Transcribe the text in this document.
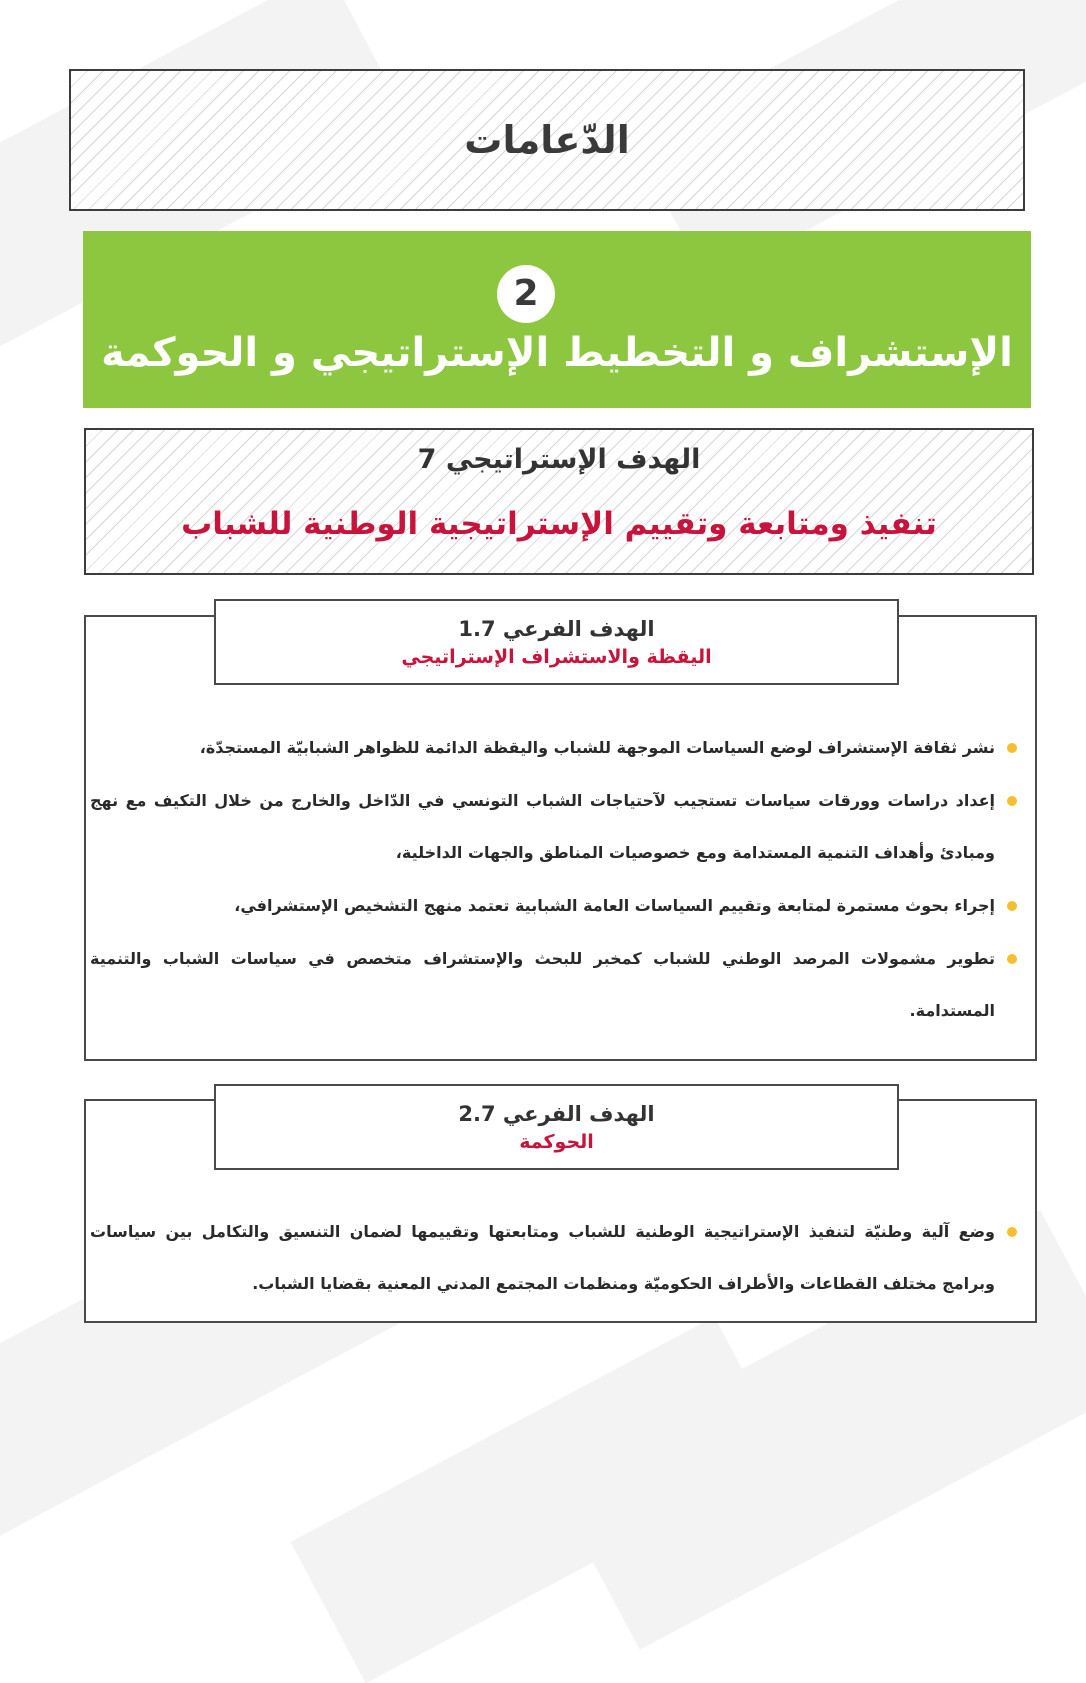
الدّعامات
2
الإستشراف و التخطيط الإستراتيجي و الحوكمة
الهدف الإستراتيجي 7
تنفيذ ومتابعة وتقييم الإستراتيجية الوطنية للشباب
الهدف الفرعي 1.7
اليقظة والاستشراف الإستراتيجي
نشر ثقافة الإستشراف لوضع السياسات الموجهة للشباب واليقظة الدائمة للظواهر الشبابيّة المستجدّة،
إعداد دراسات وورقات سياسات تستجيب لآحتياجات الشباب التونسي في الدّاخل والخارج من خلال التكيف مع نهج ومبادئ وأهداف التنمية المستدامة ومع خصوصيات المناطق والجهات الداخلية،
إجراء بحوث مستمرة لمتابعة وتقييم السياسات العامة الشبابية تعتمد منهج التشخيص الإستشرافي،
تطوير مشمولات المرصد الوطني للشباب كمخبر للبحث والإستشراف متخصص في سياسات الشباب والتنمية المستدامة.
الهدف الفرعي 2.7
الحوكمة
وضع آلية وطنيّة لتنفيذ الإستراتيجية الوطنية للشباب ومتابعتها وتقييمها لضمان التنسيق والتكامل بين سياسات وبرامج مختلف القطاعات والأطراف الحكوميّة ومنظمات المجتمع المدني المعنية بقضايا الشباب.
